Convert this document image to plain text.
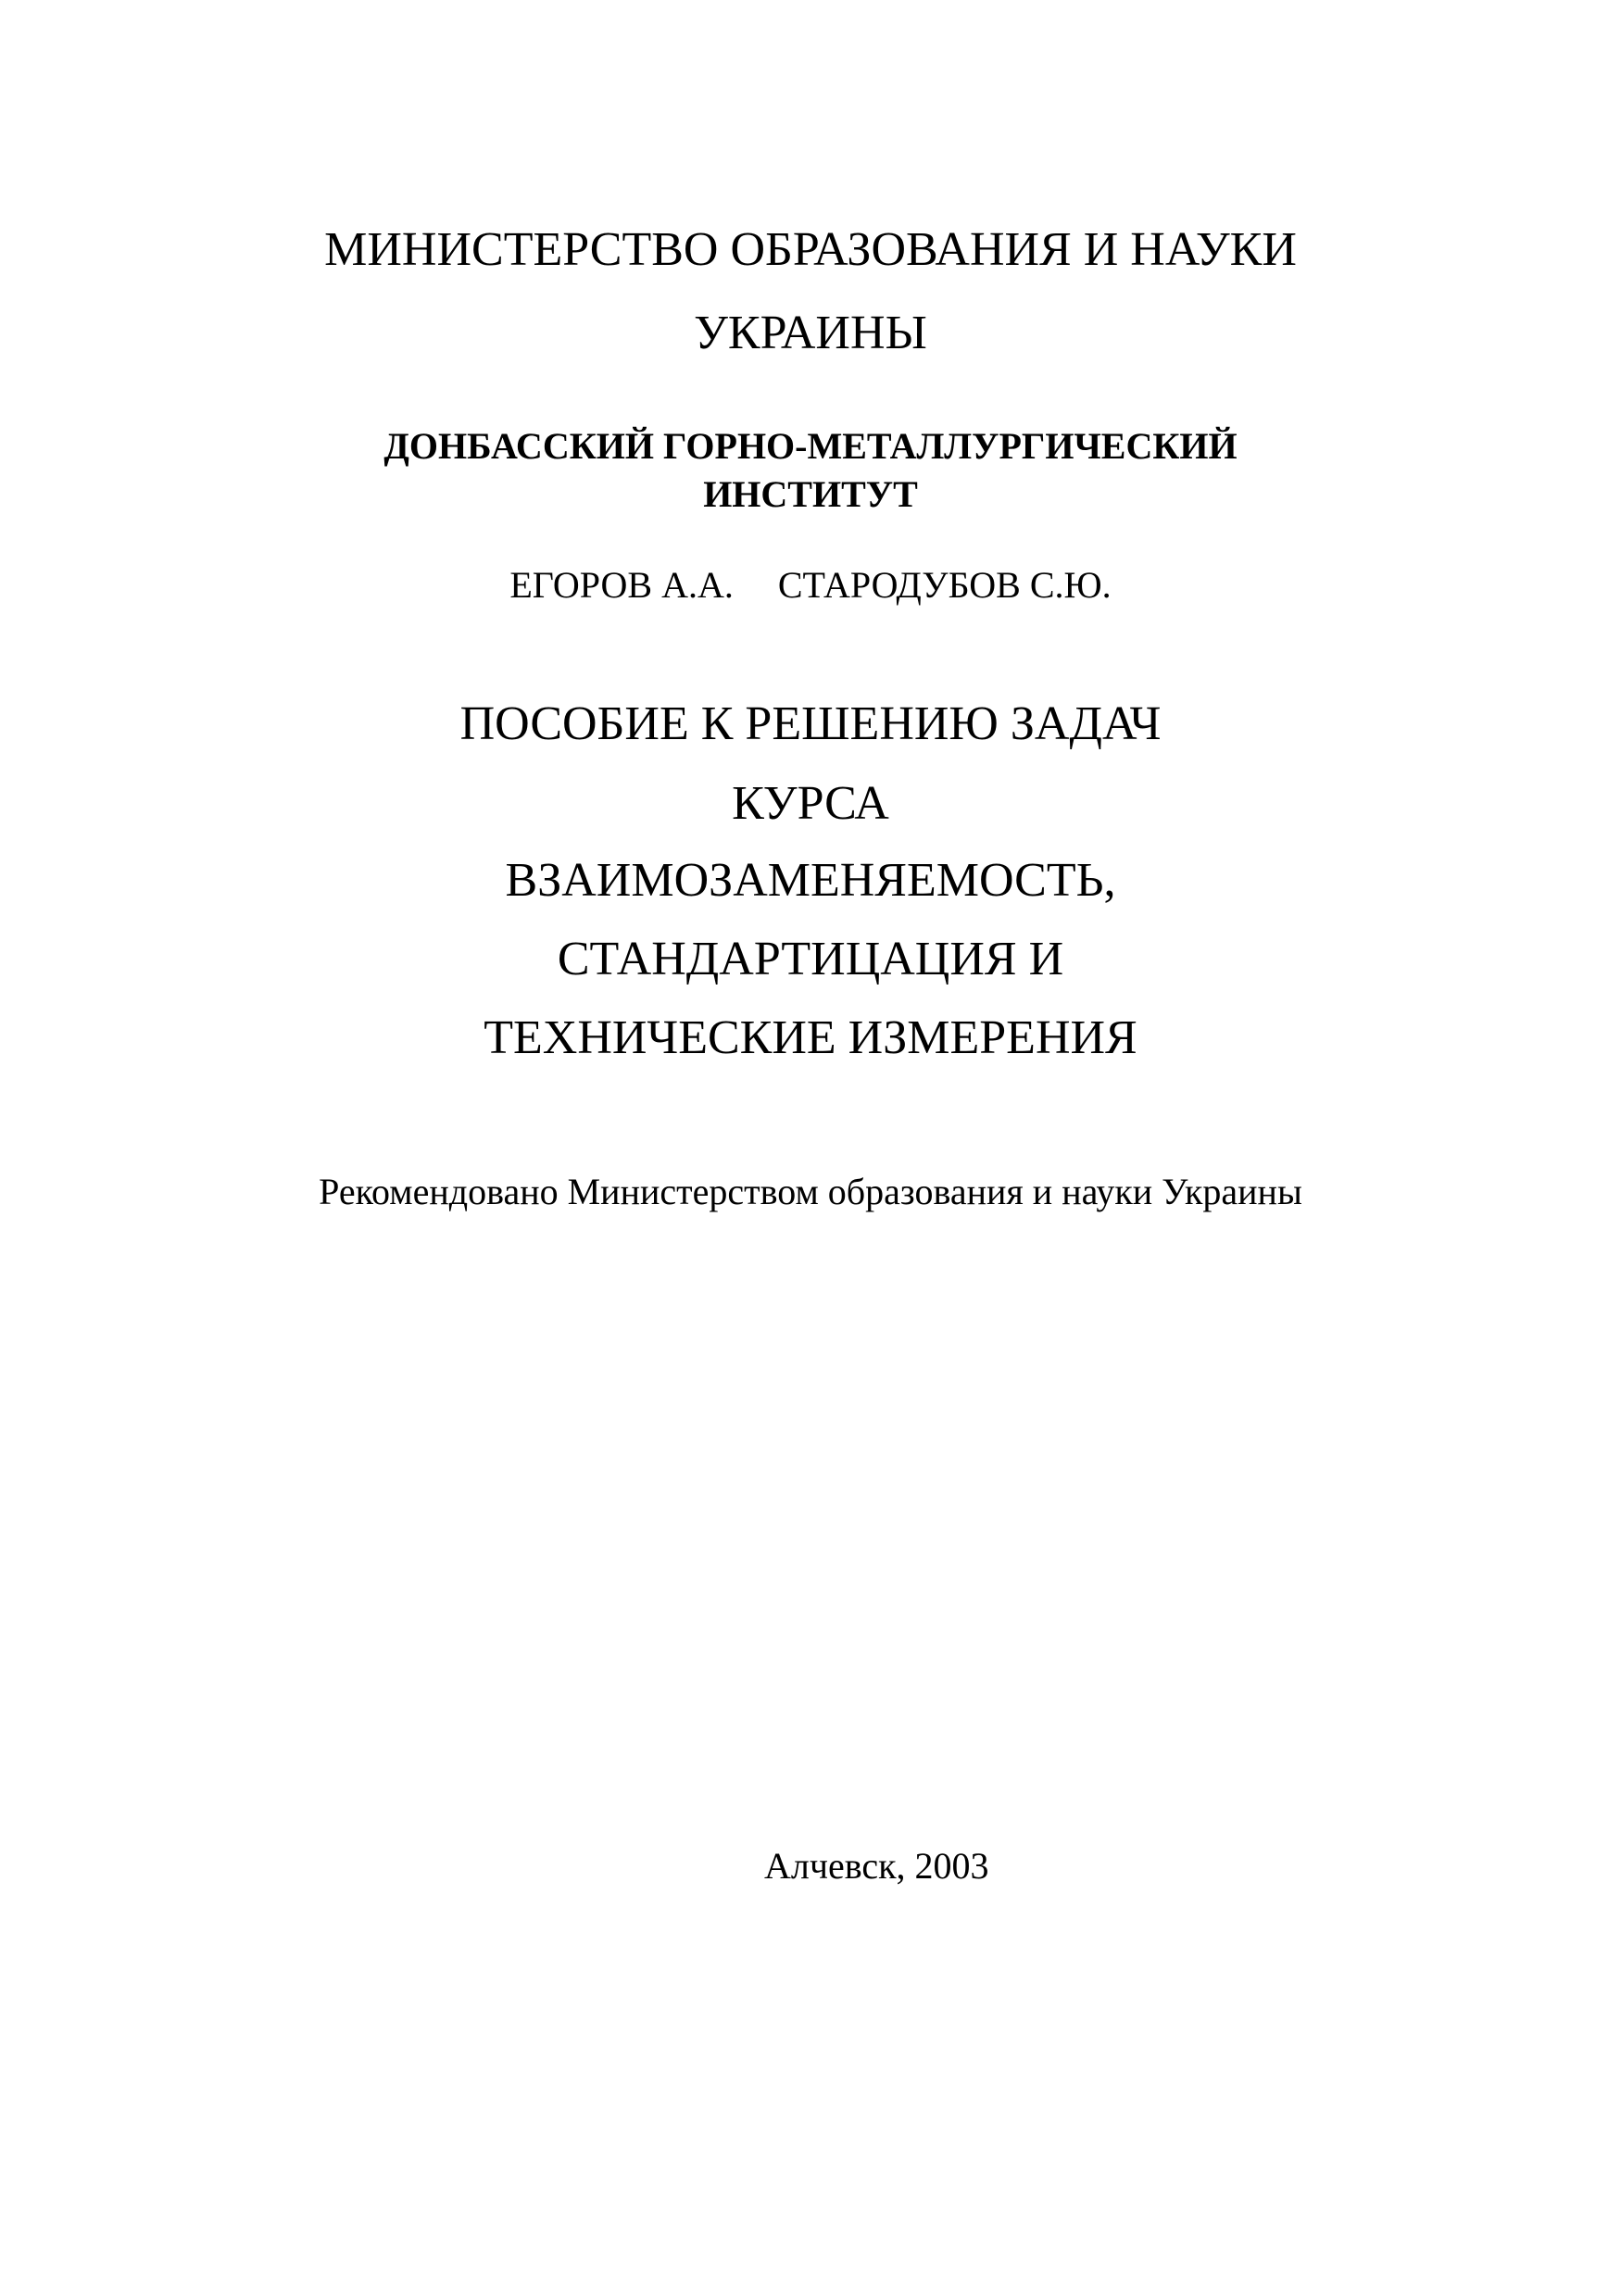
МИНИСТЕРСТВО ОБРАЗОВАНИЯ И НАУКИ
УКРАИНЫ
ДОНБАССКИЙ ГОРНО-МЕТАЛЛУРГИЧЕСКИЙ
ИНСТИТУТ
ЕГОРОВ А.А. СТАРОДУБОВ С.Ю.
ПОСОБИЕ К РЕШЕНИЮ ЗАДАЧ
КУРСА
ВЗАИМОЗАМЕНЯЕМОСТЬ,
СТАНДАРТИЦАЦИЯ И
ТЕХНИЧЕСКИЕ ИЗМЕРЕНИЯ
Рекомендовано Министерством образования и науки Украины
Алчевск, 2003
